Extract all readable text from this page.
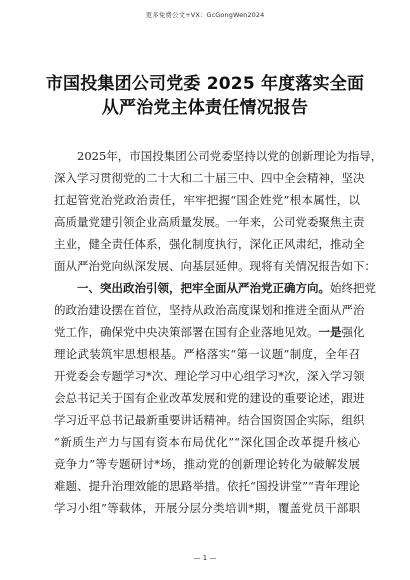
更多免费公文+VX：GcGongWen2024
市国投集团公司党委 2025 年度落实全面
从严治党主体责任情况报告
2025年，市国投集团公司党委坚持以党的创新理论为指导，
深入学习贯彻党的二十大和二十届三中、四中全会精神，坚决
扛起管党治党政治责任，牢牢把握“国企姓党”根本属性，以
高质量党建引领企业高质量发展。一年来，公司党委聚焦主责
主业，健全责任体系，强化制度执行，深化正风肃纪，推动全
面从严治党向纵深发展、向基层延伸。现将有关情况报告如下：
一、突出政治引领，把牢全面从严治党正确方向。始终把党
的政治建设摆在首位，坚持从政治高度谋划和推进全面从严治
党工作，确保党中央决策部署在国有企业落地见效。一是强化
理论武装筑牢思想根基。严格落实“第一议题”制度，全年召
开党委会专题学习*次、理论学习中心组学习*次，深入学习领
会总书记关于国有企业改革发展和党的建设的重要论述，跟进
学习近平总书记最新重要讲话精神。结合国资国企实际，组织
“新质生产力与国有资本布局优化”“深化国企改革提升核心
竞争力”等专题研讨*场，推动党的创新理论转化为破解发展
难题、提升治理效能的思路举措。依托“国投讲堂”“青年理论
学习小组”等载体，开展分层分类培训*期，覆盖党员干部职
— 1 —
